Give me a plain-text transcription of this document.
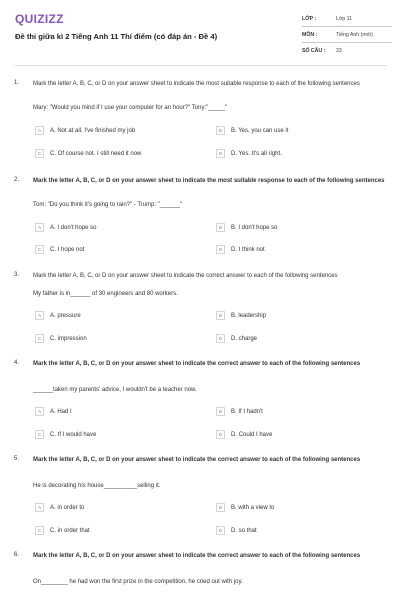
QUIZIZZ
Đề thi giữa kì 2 Tiếng Anh 11 Thí điểm (có đáp án - Đề 4)
LỚP :	Lớp 11
MÔN :	Tiếng Anh (mới)
SỐ CÂU :	33
1. Mark the letter A, B, C, or D on your answer sheet to indicate the most suitable response to each of the following sentences
Mary: "Would you mind if I use your computer for an hour?" Tony:"_____"
A	A. Not at all. I've finished my job	B	B. Yes, you can use it
C	C. Of course not. I still need it now	D	D. Yes. It's all right.
2. Mark the letter A, B, C, or D on your answer sheet to indicate the most suitable response to each of the following sentences
Tom: "Do you think it's going to rain?" - Trump: "______"
A	A. I don't hope so	B	B. I don't hope so
C	C. I hope not	D	D. I think not
3. Mark the letter A, B, C, or D on your answer sheet to indicate the correct answer to each of the following sentences
My father is in______ of 30 engineers and 80 workers.
A	A. pressure	B	B. leadership
C	C. impression	D	D. charge
4. Mark the letter A, B, C, or D on your answer sheet to indicate the correct answer to each of the following sentences
______taken my parents' advice, I wouldn't be a teacher now.
A	A. Had I	B	B. If I hadn't
C	C. If I would have	D	D. Could I have
5. Mark the letter A, B, C, or D on your answer sheet to indicate the correct answer to each of the following sentences
He is decorating his house__________selling it.
A	A. in order to	B	B. with a view to
C	C. in order that	D	D. so that
6. Mark the letter A, B, C, or D on your answer sheet to indicate the correct answer to each of the following sentences
On________ he had won the first prize in the competition, he cried out with joy.
